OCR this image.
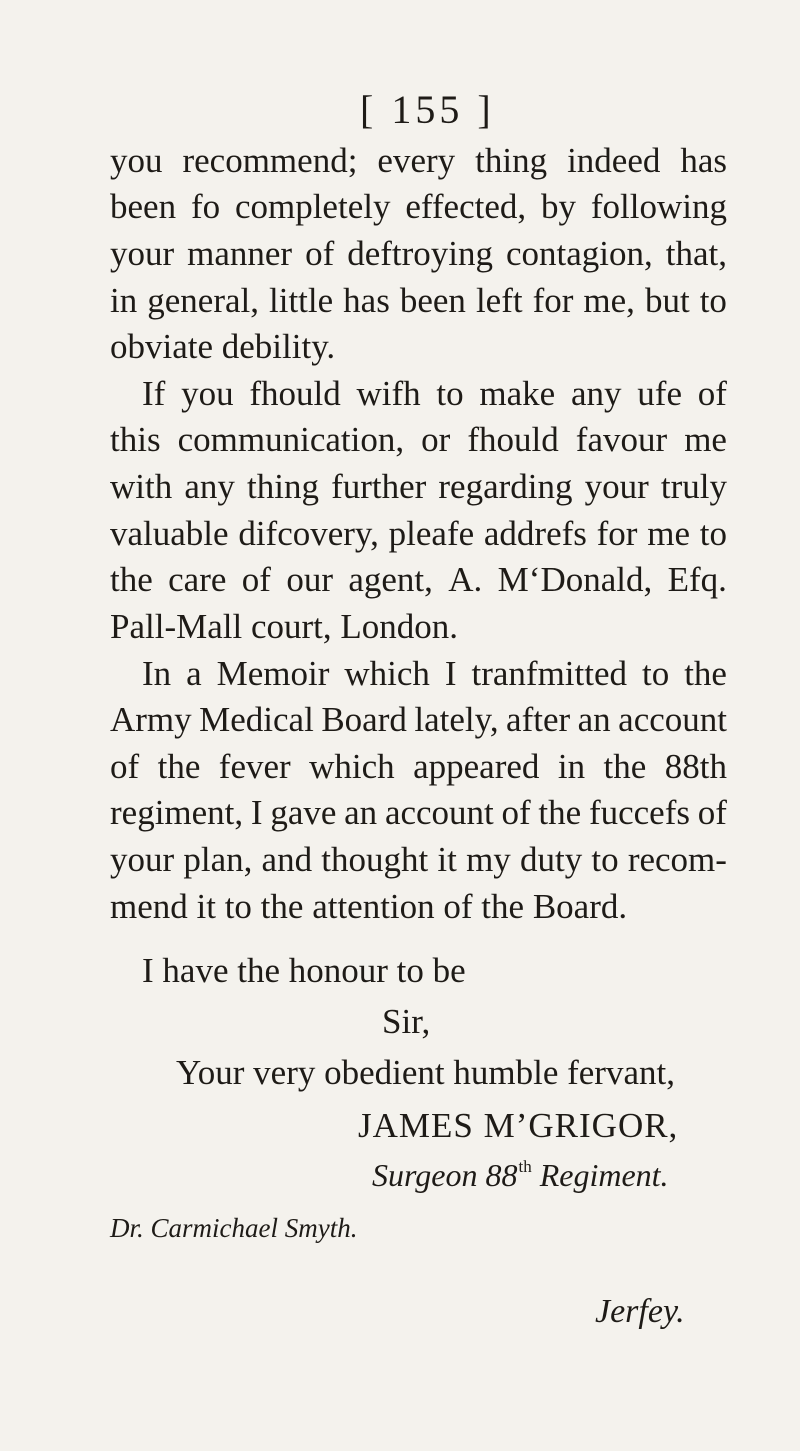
[ 155 ]
you recommend; every thing indeed has
been fo completely effected, by following
your manner of deftroying contagion, that,
in general, little has been left for me, but to
obviate debility.
If you fhould wifh to make any ufe of
this communication, or fhould favour me
with any thing further regarding your truly
valuable difcovery, pleafe addrefs for me to
the care of our agent, A. M‘Donald, Efq.
Pall-Mall court, London.
In a Memoir which I tranfmitted to the
Army Medical Board lately, after an account
of the fever which appeared in the 88th
regiment, I gave an account of the fuccefs of
your plan, and thought it my duty to recom-
mend it to the attention of the Board.
I have the honour to be
Sir,
Your very obedient humble fervant,
JAMES M’GRIGOR,
Surgeon 88th Regiment.
Dr. Carmichael Smyth.
Jerfey.
